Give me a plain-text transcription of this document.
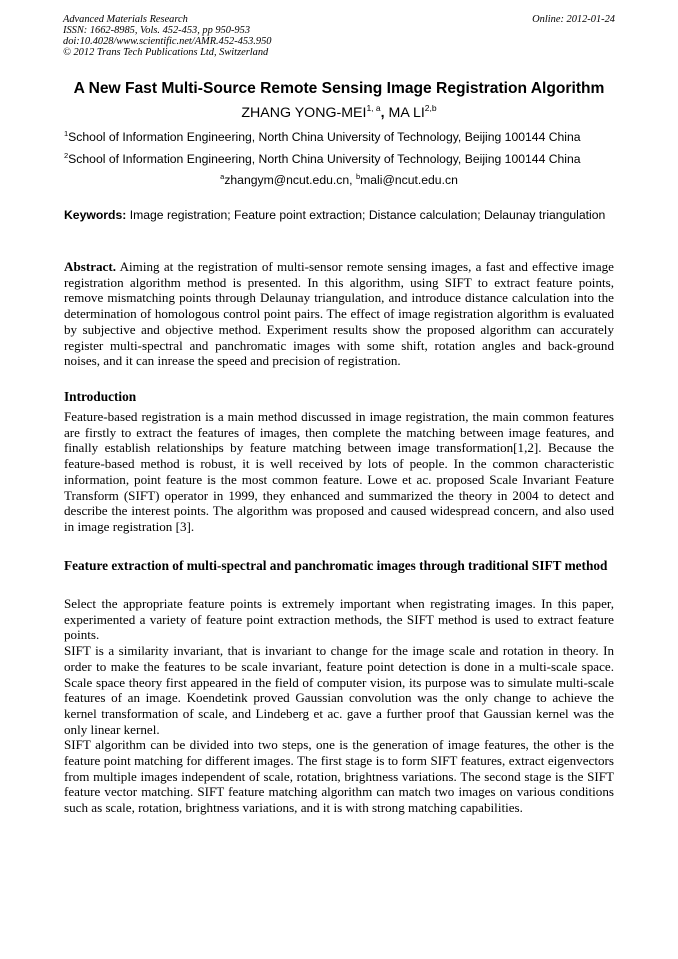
Advanced Materials Research
ISSN: 1662-8985, Vols. 452-453, pp 950-953
doi:10.4028/www.scientific.net/AMR.452-453.950
© 2012 Trans Tech Publications Ltd, Switzerland
Online: 2012-01-24
A New Fast Multi-Source Remote Sensing Image Registration Algorithm
ZHANG YONG-MEI$^{1, a}$, MA LI$^{2,b}$
$^1$School of Information Engineering, North China University of Technology, Beijing 100144 China
$^2$School of Information Engineering, North China University of Technology, Beijing 100144 China
$^a$zhangym@ncut.edu.cn, $^b$mali@ncut.edu.cn
Keywords: Image registration; Feature point extraction; Distance calculation; Delaunay triangulation
Abstract. Aiming at the registration of multi-sensor remote sensing images, a fast and effective image registration algorithm method is presented. In this algorithm, using SIFT to extract feature points, remove mismatching points through Delaunay triangulation, and introduce distance calculation into the determination of homologous control point pairs. The effect of image registration algorithm is evaluated by subjective and objective method. Experiment results show the proposed algorithm can accurately register multi-spectral and panchromatic images with some shift, rotation angles and back-ground noises, and it can inrease the speed and precision of registration.
Introduction

Feature-based registration is a main method discussed in image registration, the main common features are firstly to extract the features of images, then complete the matching between image features, and finally establish relationships by feature matching between image transformation[1,2]. Because the feature-based method is robust, it is well received by lots of people. In the common characteristic information, point feature is the most common feature. Lowe et ac. proposed Scale Invariant Feature Transform (SIFT) operator in 1999, they enhanced and summarized the theory in 2004 to detect and describe the interest points. The algorithm was proposed and caused widespread concern, and also used in image registration [3].

Feature extraction of multi-spectral and panchromatic images through traditional SIFT method

Select the appropriate feature points is extremely important when registrating images. In this paper, experimented a variety of feature point extraction methods, the SIFT method is used to extract feature points.

SIFT is a similarity invariant, that is invariant to change for the image scale and rotation in theory. In order to make the features to be scale invariant, feature point detection is done in a multi-scale space. Scale space theory first appeared in the field of computer vision, its purpose was to simulate multi-scale features of an image. Koendetink proved Gaussian convolution was the only change to achieve the kernel transformation of scale, and Lindeberg et ac. gave a further proof that Gaussian kernel was the only linear kernel.

SIFT algorithm can be divided into two steps, one is the generation of image features, the other is the feature point matching for different images. The first stage is to form SIFT features, extract eigenvectors from multiple images independent of scale, rotation, brightness variations. The second stage is the SIFT feature vector matching. SIFT feature matching algorithm can match two images on various conditions such as scale, rotation, brightness variations, and it is with strong matching capabilities.
